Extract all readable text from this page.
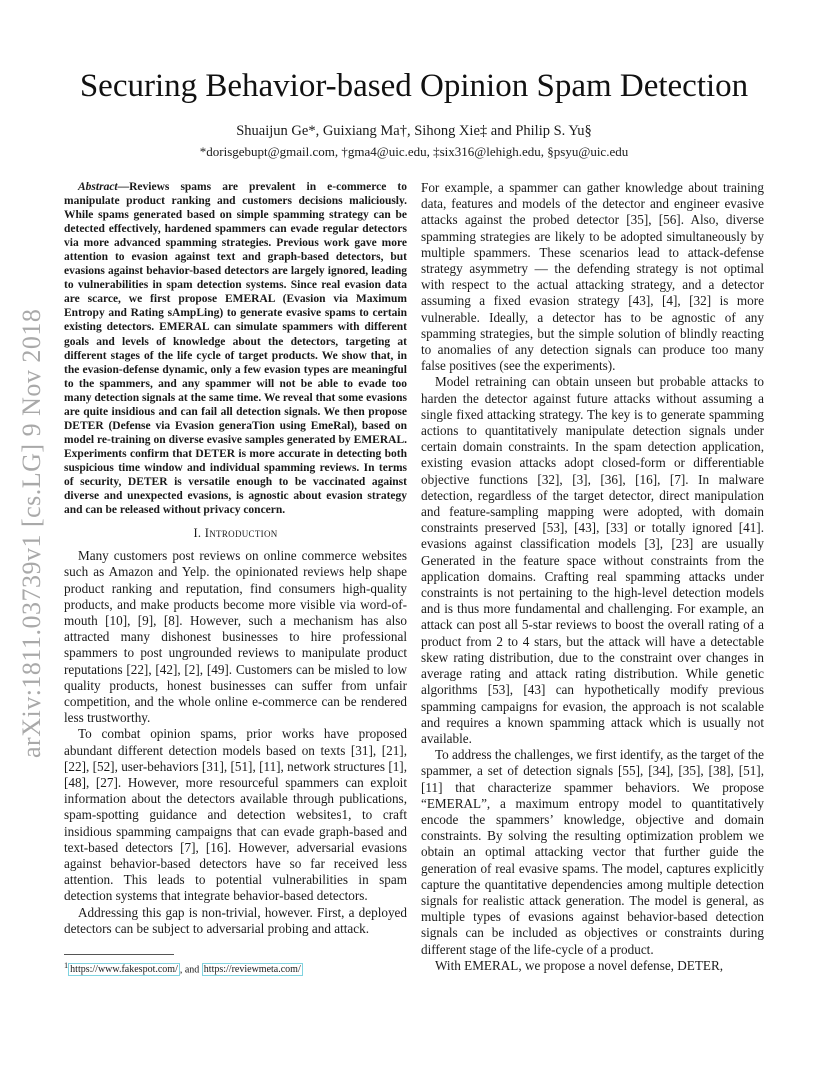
arXiv:1811.03739v1 [cs.LG] 9 Nov 2018
Securing Behavior-based Opinion Spam Detection
Shuaijun Ge*, Guixiang Ma†, Sihong Xie‡ and Philip S. Yu§
*dorisgebupt@gmail.com, †gma4@uic.edu, ‡six316@lehigh.edu, §psyu@uic.edu

Abstract—Reviews spams are prevalent in e-commerce to manipulate product ranking and customers decisions maliciously. While spams generated based on simple spamming strategy can be detected effectively, hardened spammers can evade regular detectors via more advanced spamming strategies. Previous work gave more attention to evasion against text and graph-based detectors, but evasions against behavior-based detectors are largely ignored, leading to vulnerabilities in spam detection systems. Since real evasion data are scarce, we first propose EMERAL (Evasion via Maximum Entropy and Rating sAmpLing) to generate evasive spams to certain existing detectors. EMERAL can simulate spammers with different goals and levels of knowledge about the detectors, targeting at different stages of the life cycle of target products. We show that, in the evasion-defense dynamic, only a few evasion types are meaningful to the spammers, and any spammer will not be able to evade too many detection signals at the same time. We reveal that some evasions are quite insidious and can fail all detection signals. We then propose DETER (Defense via Evasion generaTion using EmeRal), based on model re-training on diverse evasive samples generated by EMERAL. Experiments confirm that DETER is more accurate in detecting both suspicious time window and individual spamming reviews. In terms of security, DETER is versatile enough to be vaccinated against diverse and unexpected evasions, is agnostic about evasion strategy and can be released without privacy concern.

I. Introduction

Many customers post reviews on online commerce websites such as Amazon and Yelp. the opinionated reviews help shape product ranking and reputation, find consumers high-quality products, and make products become more visible via word-of-mouth [10], [9], [8]. However, such a mechanism has also attracted many dishonest businesses to hire professional spammers to post ungrounded reviews to manipulate product reputations [22], [42], [2], [49]. Customers can be misled to low quality products, honest businesses can suffer from unfair competition, and the whole online e-commerce can be rendered less trustworthy.

To combat opinion spams, prior works have proposed abundant different detection models based on texts [31], [21], [22], [52], user-behaviors [31], [51], [11], network structures [1], [48], [27]. However, more resourceful spammers can exploit information about the detectors available through publications, spam-spotting guidance and detection websites1, to craft insidious spamming campaigns that can evade graph-based and text-based detectors [7], [16]. However, adversarial evasions against behavior-based detectors have so far received less attention. This leads to potential vulnerabilities in spam detection systems that integrate behavior-based detectors.

Addressing this gap is non-trivial, however. First, a deployed detectors can be subject to adversarial probing and attack.

For example, a spammer can gather knowledge about training data, features and models of the detector and engineer evasive attacks against the probed detector [35], [56]. Also, diverse spamming strategies are likely to be adopted simultaneously by multiple spammers. These scenarios lead to attack-defense strategy asymmetry — the defending strategy is not optimal with respect to the actual attacking strategy, and a detector assuming a fixed evasion strategy [43], [4], [32] is more vulnerable. Ideally, a detector has to be agnostic of any spamming strategies, but the simple solution of blindly reacting to anomalies of any detection signals can produce too many false positives (see the experiments).

Model retraining can obtain unseen but probable attacks to harden the detector against future attacks without assuming a single fixed attacking strategy. The key is to generate spamming actions to quantitatively manipulate detection signals under certain domain constraints. In the spam detection application, existing evasion attacks adopt closed-form or differentiable objective functions [32], [3], [36], [16], [7]. In malware detection, regardless of the target detector, direct manipulation and feature-sampling mapping were adopted, with domain constraints preserved [53], [43], [33] or totally ignored [41]. evasions against classification models [3], [23] are usually Generated in the feature space without constraints from the application domains. Crafting real spamming attacks under constraints is not pertaining to the high-level detection models and is thus more fundamental and challenging. For example, an attack can post all 5-star reviews to boost the overall rating of a product from 2 to 4 stars, but the attack will have a detectable skew rating distribution, due to the constraint over changes in average rating and attack rating distribution. While genetic algorithms [53], [43] can hypothetically modify previous spamming campaigns for evasion, the approach is not scalable and requires a known spamming attack which is usually not available.

To address the challenges, we first identify, as the target of the spammer, a set of detection signals [55], [34], [35], [38], [51], [11] that characterize spammer behaviors. We propose “EMERAL”, a maximum entropy model to quantitatively encode the spammers’ knowledge, objective and domain constraints. By solving the resulting optimization problem we obtain an optimal attacking vector that further guide the generation of real evasive spams. The model, captures explicitly capture the quantitative dependencies among multiple detection signals for realistic attack generation. The model is general, as multiple types of evasions against behavior-based detection signals can be included as objectives or constraints during different stage of the life-cycle of a product.

With EMERAL, we propose a novel defense, DETER,

$^1$ https://www.fakespot.com/ , and https://reviewmeta.com/
